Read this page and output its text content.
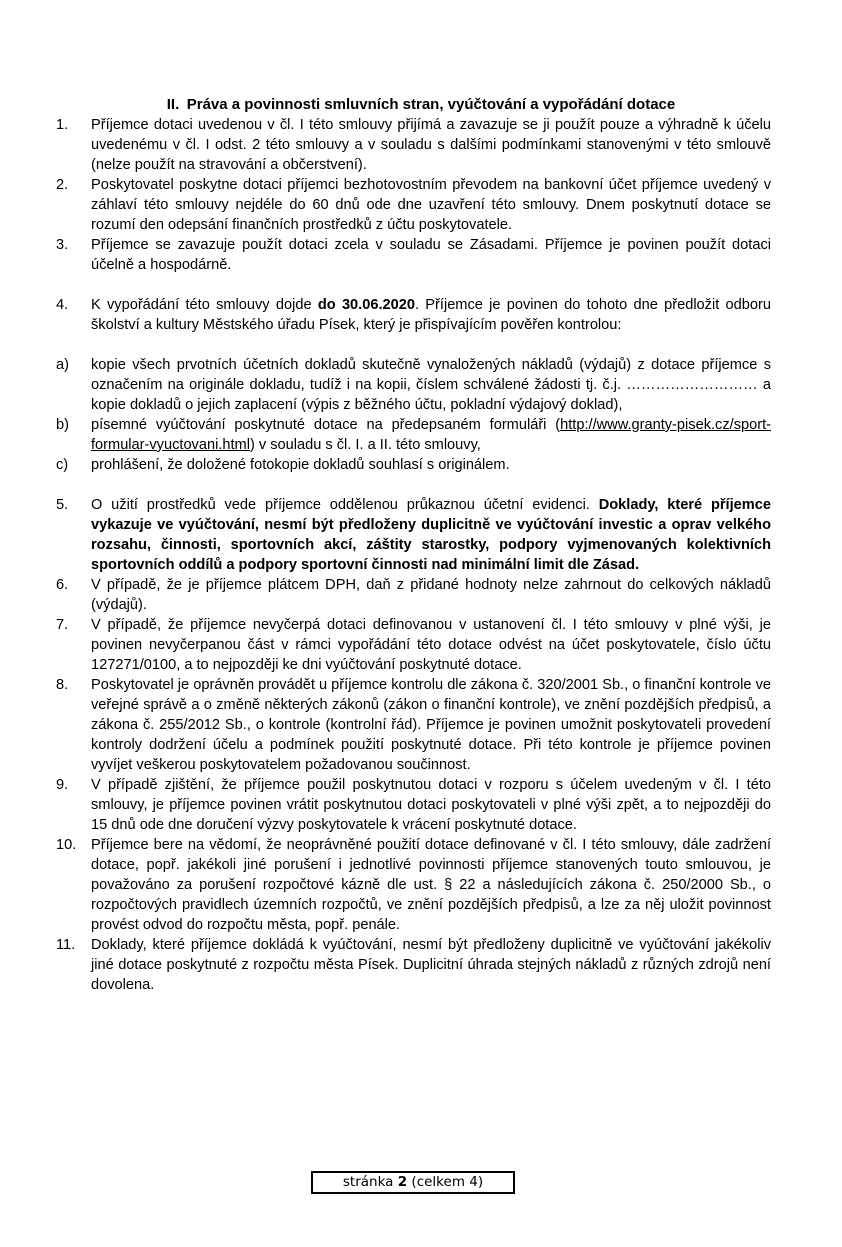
II. Práva a povinnosti smluvních stran, vyúčtování a vypořádání dotace
1.	Příjemce dotaci uvedenou v čl. I této smlouvy přijímá a zavazuje se ji použít pouze a výhradně k účelu uvedenému v čl. I odst. 2 této smlouvy a v souladu s dalšími podmínkami stanovenými v této smlouvě (nelze použít na stravování a občerstvení).
2.	Poskytovatel poskytne dotaci příjemci bezhotovostním převodem na bankovní účet příjemce uvedený v záhlaví této smlouvy nejdéle do 60 dnů ode dne uzavření této smlouvy. Dnem poskytnutí dotace se rozumí den odepsání finančních prostředků z účtu poskytovatele.
3.	Příjemce se zavazuje použít dotaci zcela v souladu se Zásadami. Příjemce je povinen použít dotaci účelně a hospodárně.
4.	K vypořádání této smlouvy dojde do 30.06.2020. Příjemce je povinen do tohoto dne předložit odboru školství a kultury Městského úřadu Písek, který je přispívajícím pověřen kontrolou:
a)	kopie všech prvotních účetních dokladů skutečně vynaložených nákladů (výdajů) z dotace příjemce s označením na originále dokladu, tudíž i na kopii, číslem schválené žádosti tj. č.j. ……………………… a kopie dokladů o jejich zaplacení (výpis z běžného účtu, pokladní výdajový doklad),
b)	písemné vyúčtování poskytnuté dotace na předepsaném formuláři (http://www.granty-pisek.cz/sport-formular-vyuctovani.html) v souladu s čl. I. a II. této smlouvy,
c)	prohlášení, že doložené fotokopie dokladů souhlasí s originálem.
5.	O užití prostředků vede příjemce oddělenou průkaznou účetní evidenci. Doklady, které příjemce vykazuje ve vyúčtování, nesmí být předloženy duplicitně ve vyúčtování investic a oprav velkého rozsahu, činnosti, sportovních akcí, záštity starostky, podpory vyjmenovaných kolektivních sportovních oddílů a podpory sportovní činnosti nad minimální limit dle Zásad.
6.	V případě, že je příjemce plátcem DPH, daň z přidané hodnoty nelze zahrnout do celkových nákladů (výdajů).
7.	V případě, že příjemce nevyčerpá dotaci definovanou v ustanovení čl. I této smlouvy v plné výši, je povinen nevyčerpanou část v rámci vypořádání této dotace odvést na účet poskytovatele, číslo účtu 127271/0100, a to nejpozději ke dni vyúčtování poskytnuté dotace.
8.	Poskytovatel je oprávněn provádět u příjemce kontrolu dle zákona č. 320/2001 Sb., o finanční kontrole ve veřejné správě a o změně některých zákonů (zákon o finanční kontrole), ve znění pozdějších předpisů, a zákona č. 255/2012 Sb., o kontrole (kontrolní řád). Příjemce je povinen umožnit poskytovateli provedení kontroly dodržení účelu a podmínek použití poskytnuté dotace. Při této kontrole je příjemce povinen vyvíjet veškerou poskytovatelem požadovanou součinnost.
9.	V případě zjištění, že příjemce použil poskytnutou dotaci v rozporu s účelem uvedeným v čl. I této smlouvy, je příjemce povinen vrátit poskytnutou dotaci poskytovateli v plné výši zpět, a to nejpozději do 15 dnů ode dne doručení výzvy poskytovatele k vrácení poskytnuté dotace.
10.	Příjemce bere na vědomí, že neoprávněné použití dotace definované v čl. I této smlouvy, dále zadržení dotace, popř. jakékoli jiné porušení i jednotlivé povinnosti příjemce stanovených touto smlouvou, je považováno za porušení rozpočtové kázně dle ust. § 22 a následujících zákona č. 250/2000 Sb., o rozpočtových pravidlech územních rozpočtů, ve znění pozdějších předpisů, a lze za něj uložit povinnost provést odvod do rozpočtu města, popř. penále.
11.	Doklady, které příjemce dokládá k vyúčtování, nesmí být předloženy duplicitně ve vyúčtování jakékoliv jiné dotace poskytnuté z rozpočtu města Písek. Duplicitní úhrada stejných nákladů z různých zdrojů není dovolena.
stránka 2 (celkem 4)
